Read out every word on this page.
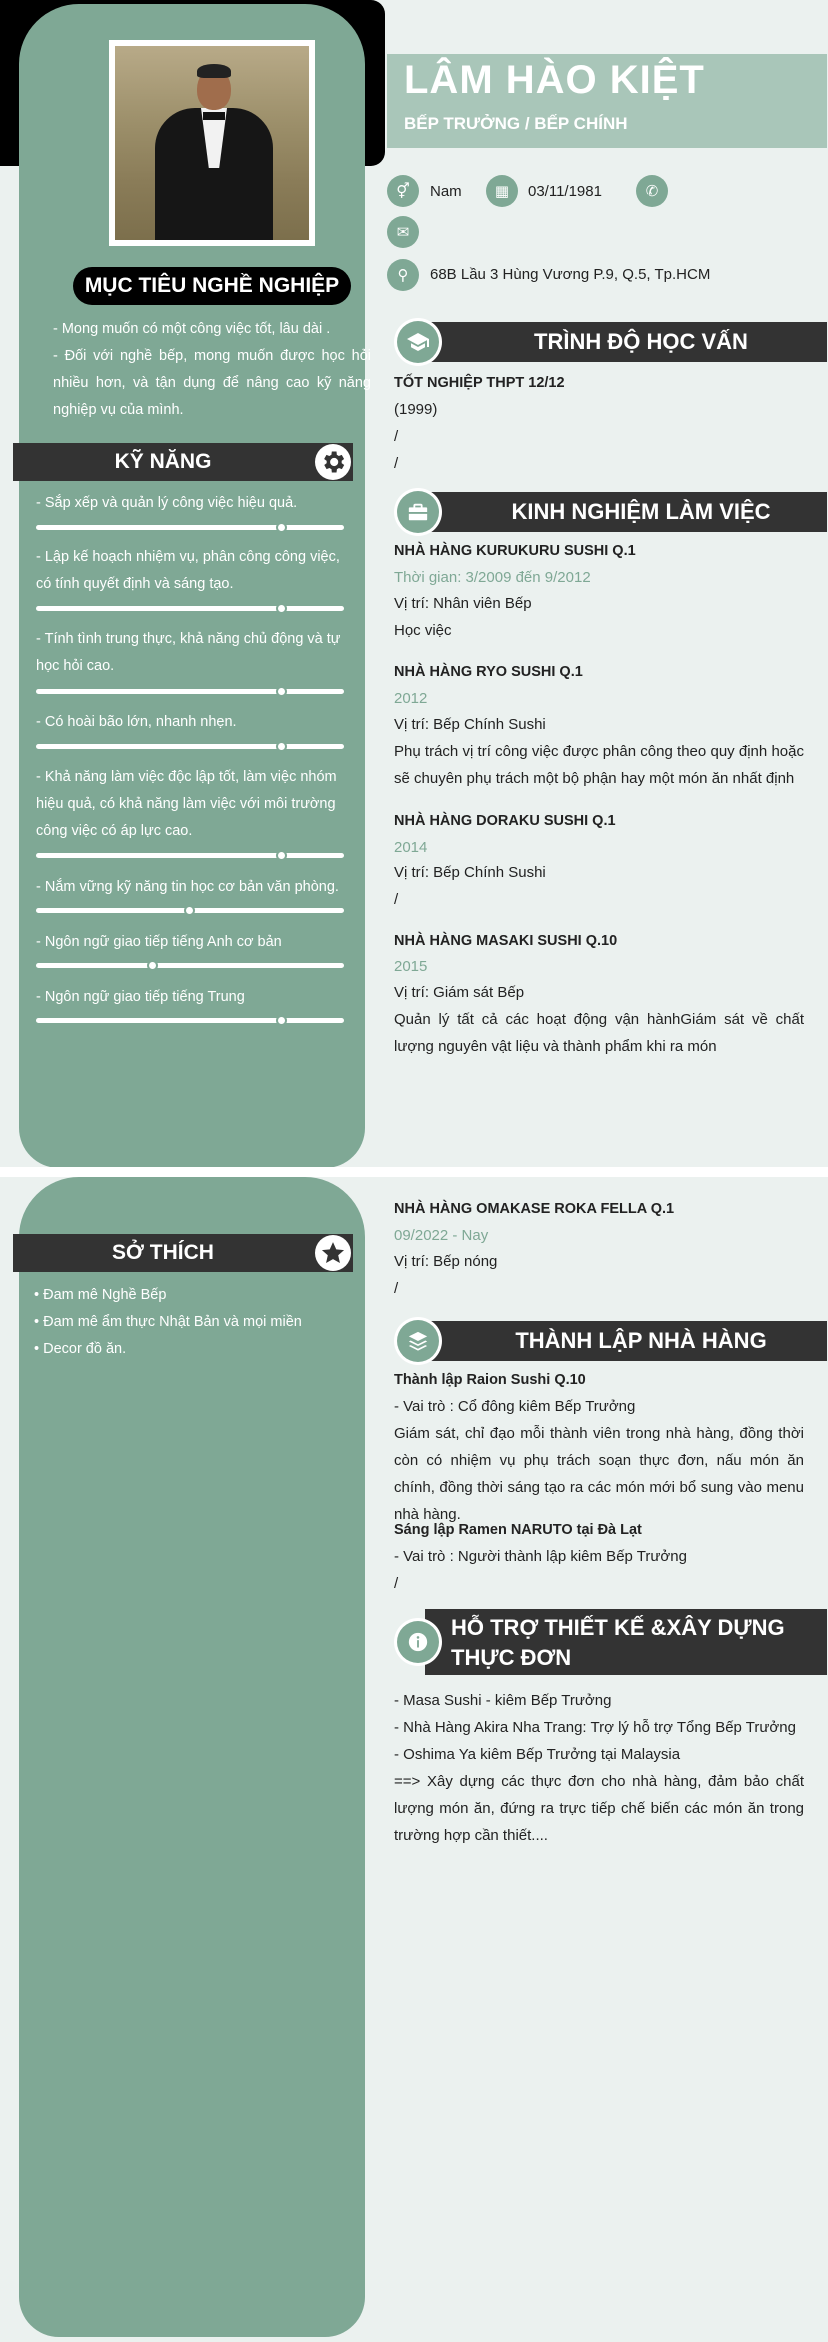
MỤC TIÊU NGHỀ NGHIỆP
- Mong muốn có một công việc tốt, lâu dài .
- Đối với nghề bếp, mong muốn được học hỏi nhiều hơn, và tận dụng để nâng cao kỹ năng nghiệp vụ của mình.
KỸ NĂNG
- Sắp xếp và quản lý công việc hiệu quả.
- Lập kế hoạch nhiệm vụ, phân công công việc, có tính quyết định và sáng tạo.
- Tính tình trung thực, khả năng chủ động và tự học hỏi cao.
- Có hoài bão lớn, nhanh nhẹn.
- Khả năng làm việc độc lập tốt, làm việc nhóm hiệu quả, có khả năng làm việc với môi trường công việc có áp lực cao.
- Nắm vững kỹ năng tin học cơ bản văn phòng.
- Ngôn ngữ giao tiếp tiếng Anh cơ bản
- Ngôn ngữ giao tiếp tiếng Trung
LÂM HÀO KIỆT
BẾP TRƯỞNG / BẾP CHÍNH
⚥	Nam	▦	03/11/1981	✆
✉
⚲	68B Lầu 3 Hùng Vương P.9, Q.5, Tp.HCM
TRÌNH ĐỘ HỌC VẤN
TỐT NGHIỆP THPT 12/12
(1999)
/
/
KINH NGHIỆM LÀM VIỆC
NHÀ HÀNG KURUKURU SUSHI Q.1
Thời gian: 3/2009 đến 9/2012
Vị trí: Nhân viên Bếp
Học việc
NHÀ HÀNG RYO SUSHI Q.1
2012
Vị trí: Bếp Chính Sushi
Phụ trách vị trí công việc được phân công theo quy định hoặc sẽ chuyên phụ trách một bộ phận hay một món ăn nhất định
NHÀ HÀNG DORAKU SUSHI Q.1
2014
Vị trí: Bếp Chính Sushi
/
NHÀ HÀNG MASAKI SUSHI Q.10
2015
Vị trí: Giám sát Bếp
Quản lý tất cả các hoạt động vận hànhGiám sát về chất lượng nguyên vật liệu và thành phẩm khi ra món
SỞ THÍCH
• Đam mê Nghề Bếp
• Đam mê ẩm thực Nhật Bản và mọi miền
• Decor đồ ăn.
NHÀ HÀNG OMAKASE ROKA FELLA Q.1
09/2022 - Nay
Vị trí: Bếp nóng
/
THÀNH LẬP NHÀ HÀNG
Thành lập Raion Sushi Q.10
- Vai trò : Cổ đông kiêm Bếp Trưởng
Giám sát, chỉ đạo mỗi thành viên trong nhà hàng, đồng thời còn có nhiệm vụ phụ trách soạn thực đơn, nấu món ăn chính, đồng thời sáng tạo ra các món mới bổ sung vào menu nhà hàng.
Sáng lập Ramen NARUTO tại Đà Lạt
- Vai trò : Người thành lập kiêm Bếp Trưởng
/
HỖ TRỢ THIẾT KẾ &XÂY DỰNG THỰC ĐƠN
- Masa Sushi - kiêm Bếp Trưởng
- Nhà Hàng Akira Nha Trang: Trợ lý hỗ trợ Tổng Bếp Trưởng
- Oshima Ya kiêm Bếp Trưởng tại Malaysia
==> Xây dựng các thực đơn cho nhà hàng, đảm bảo chất lượng món ăn, đứng ra trực tiếp chế biến các món ăn trong trường hợp cần thiết....
